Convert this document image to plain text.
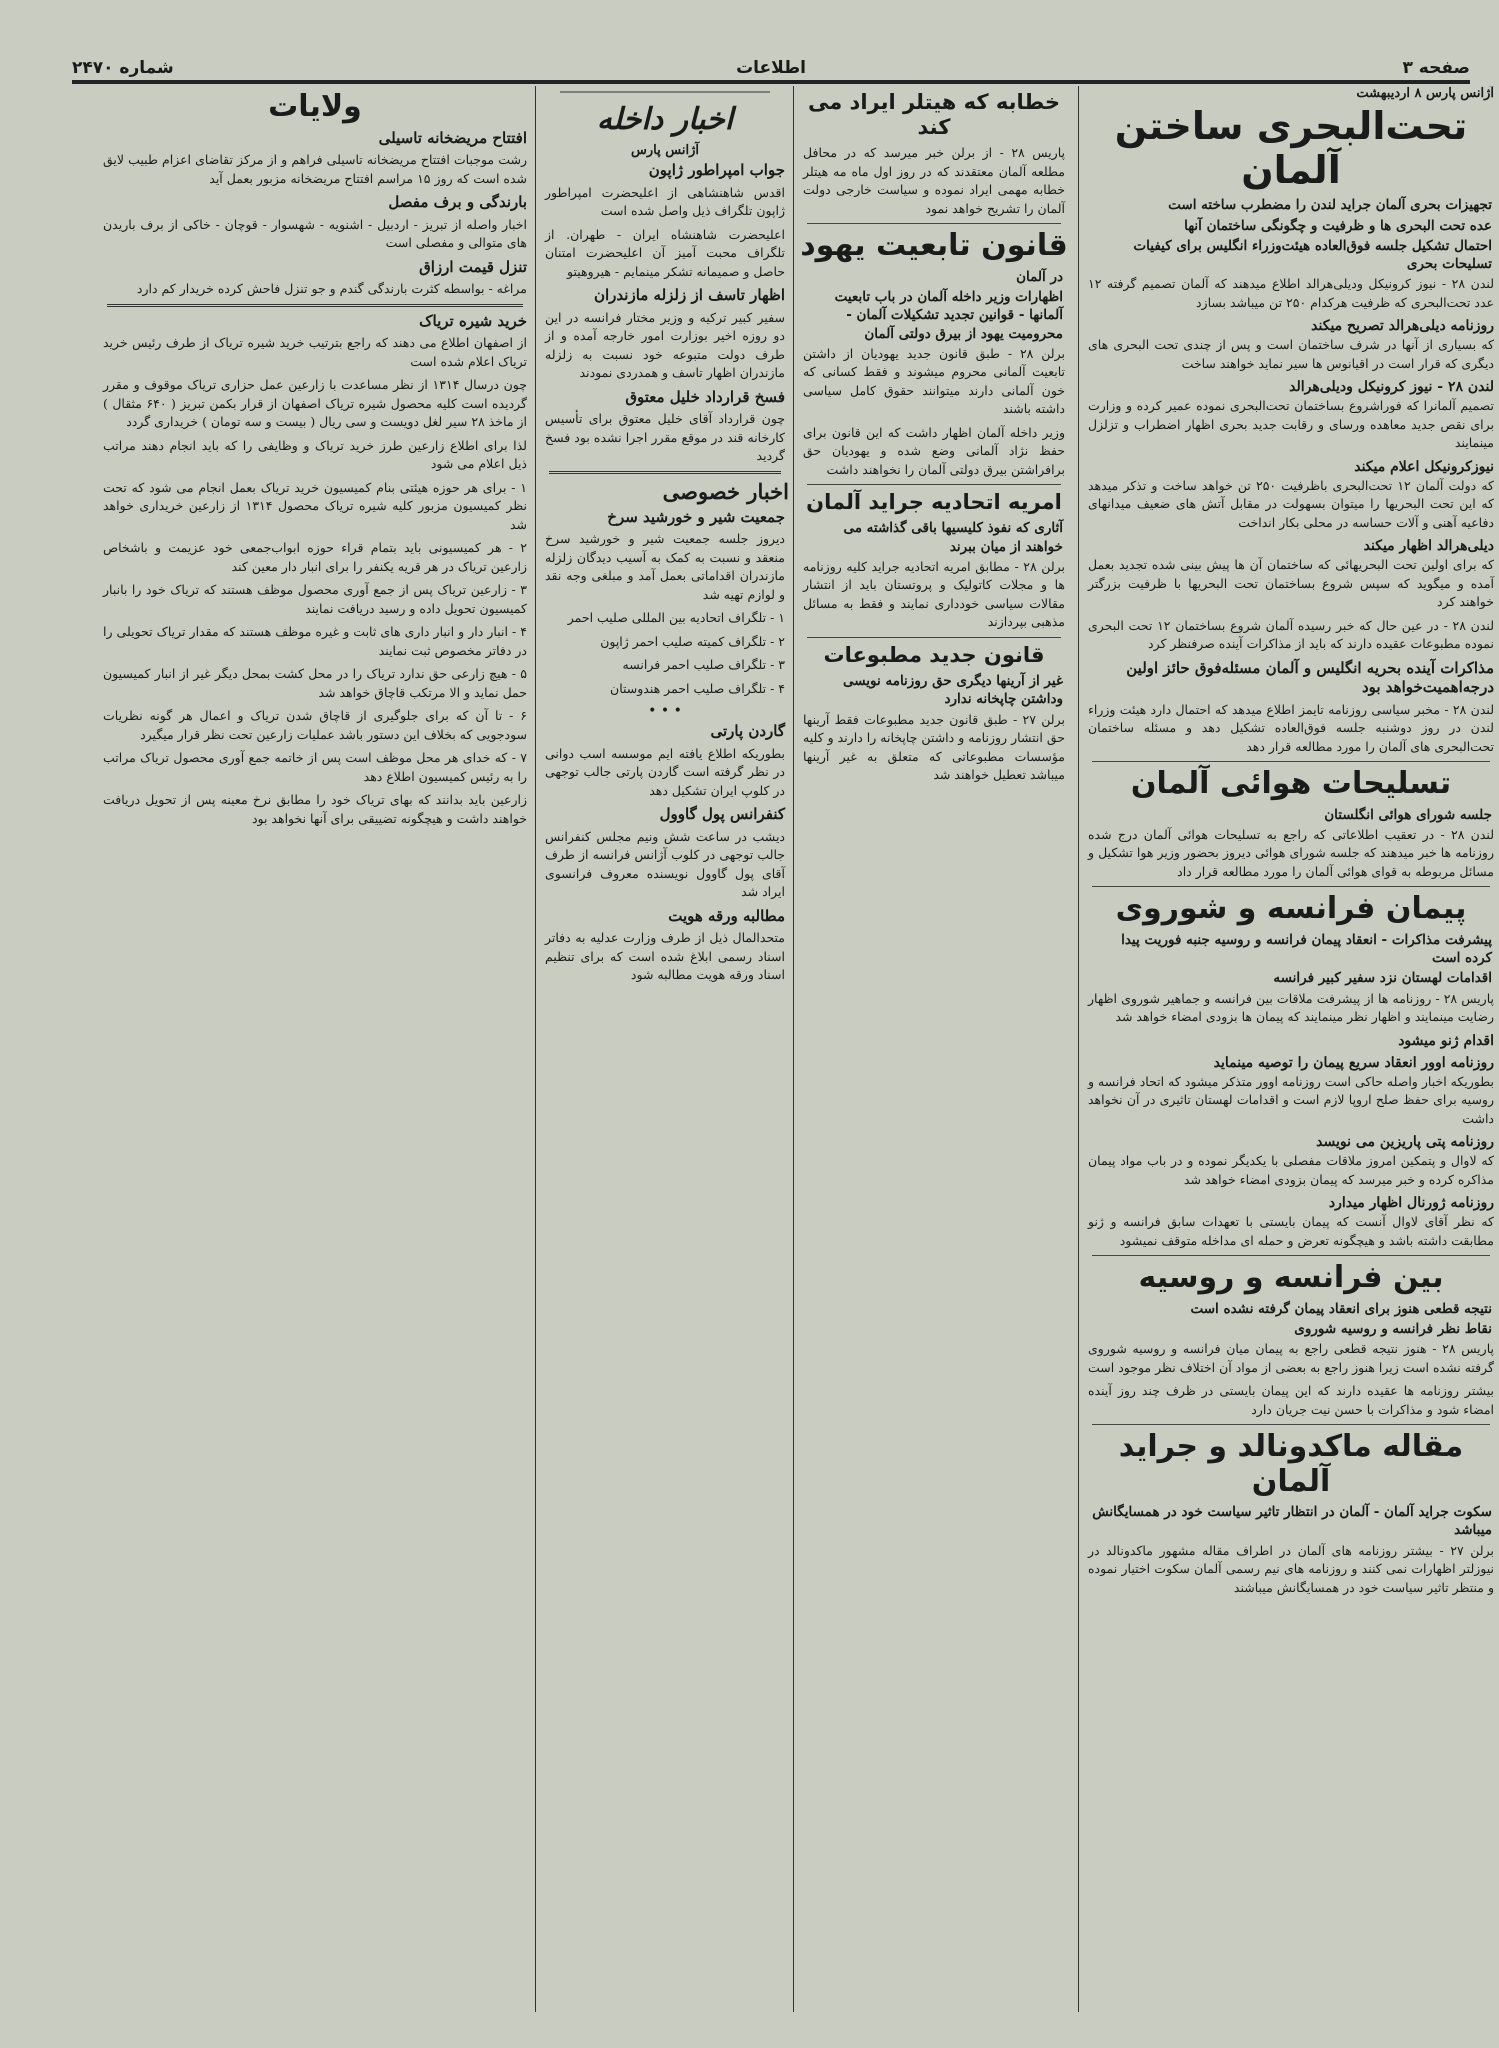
صفحه ۳
اطلاعات
شماره ۲۴۷۰
آژانس پارس ۸ اردیبهشت
تحت‌البحری ساختن آلمان
تجهیزات بحری آلمان جراید لندن را مضطرب ساخته است
عده تحت البحری ها و ظرفیت و چگونگی ساختمان آنها
احتمال تشکیل جلسه فوق‌العاده هیئت‌وزراء انگلیس برای کیفیات تسلیحات بحری

لندن ۲۸ - نیوز کرونیکل ودیلی‌هرالد اطلاع میدهند که آلمان تصمیم گرفته ۱۲ عدد تحت‌البحری که ظرفیت هرکدام ۲۵۰ تن میباشد بسازد

روزنامه دیلی‌هرالد تصریح میکند

که بسیاری از آنها در شرف ساختمان است و پس از چندی تحت البحری های دیگری که قرار است در اقیانوس ها سیر نماید خواهند ساخت

لندن ۲۸ - نیوز کرونیکل ودیلی‌هرالد

تصمیم آلمانرا که فوراشروع بساختمان تحت‌البحری نموده عمیر کرده و وزارت برای نقص جدید معاهده ورسای و رقابت جدید بحری اظهار اضطراب و تزلزل مینمایند

نیوزکرونیکل اعلام میکند

که دولت آلمان ۱۲ تحت‌البحری باظرفیت ۲۵۰ تن خواهد ساخت و تذکر میدهد که این تحت البحریها را میتوان بسهولت در مقابل آتش های ضعیف میدانهای دفاعیه آهنی و آلات حساسه در محلی بکار انداخت

دیلی‌هرالد اظهار میکند

که برای اولین تحت البحریهائی که ساختمان آن ها پیش بینی شده تجدید بعمل آمده و میگوید که سپس شروع بساختمان تحت البحریها با ظرفیت بزرگتر خواهند کرد

لندن ۲۸ - در عین حال که خبر رسیده آلمان شروع بساختمان ۱۲ تحت البحری نموده مطبوعات عقیده دارند که باید از مذاکرات آینده صرفنظر کرد

مذاکرات آینده بحریه انگلیس و آلمان مسئله‌فوق حائز اولین درجه‌اهمیت‌خواهد بود

لندن ۲۸ - مخبر سیاسی روزنامه‌ تایمز اطلاع میدهد که احتمال دارد هیئت وزراء لندن در روز دوشنبه جلسه فوق‌العاده تشکیل دهد و مسئله ساختمان تحت‌البحری های آلمان را مورد مطالعه قرار دهد

تسلیحات هوائی آلمان
جلسه شورای هوائی انگلستان

لندن ۲۸ - در تعقیب اطلاعاتی که راجع به تسلیحات هوائی آلمان درج شده روزنامه ها خبر میدهند که جلسه شورای هوائی دیروز بحضور وزیر هوا تشکیل و مسائل مربوطه به قوای هوائی آلمان را مورد مطالعه قرار داد

پیمان فرانسه و شوروی
پیشرفت مذاکرات - انعقاد پیمان فرانسه و روسیه جنبه فوریت پیدا کرده است
اقدامات لهستان نزد سفیر کبیر فرانسه

پاریس ۲۸ - روزنامه ها از پیشرفت ملاقات بین فرانسه و جماهیر شوروی اظهار رضایت مینمایند و اظهار نظر مینمایند که پیمان ها بزودی امضاء خواهد شد

اقدام ژنو میشود
روزنامه اوور انعقاد سریع پیمان را توصیه مینماید

بطوریکه اخبار واصله حاکی است روزنامه اوور متذکر میشود که اتحاد فرانسه و روسیه برای حفظ صلح اروپا لازم است و اقدامات لهستان تاثیری در آن نخواهد داشت

روزنامه پتی پاریزین می نویسد

که لاوال و پتمکین امروز ملاقات مفصلی با یکدیگر نموده و در باب مواد پیمان مذاکره کرده و خبر میرسد که پیمان بزودی امضاء خواهد شد

روزنامه ژورنال اظهار میدارد

که نظر آقای لاوال آنست که پیمان بایستی با تعهدات سابق فرانسه و ژنو مطابقت داشته باشد و هیچگونه تعرض و حمله ای مداخله متوقف نمیشود

بین فرانسه و روسیه
نتیجه قطعی هنوز برای انعقاد پیمان گرفته نشده است
نقاط نظر فرانسه و روسیه شوروی

پاریس ۲۸ - هنوز نتیجه قطعی راجع به پیمان میان فرانسه و روسیه شوروی گرفته نشده است زیرا هنوز راجع به بعضی از مواد آن اختلاف نظر موجود است

بیشتر روزنامه ها عقیده دارند که این پیمان بایستی در ظرف چند روز آینده امضاء شود و مذاکرات با حسن نیت جریان دارد

مقاله ماکدونالد و جراید آلمان
سکوت جراید آلمان - آلمان در انتظار تاثیر سیاست خود در همسایگانش میباشد

برلن ۲۷ - بیشتر روزنامه های آلمان در اطراف مقاله مشهور ماکدونالد در نیوزلتر اظهارات نمی کنند و روزنامه های نیم رسمی آلمان سکوت اختیار نموده و منتظر تاثیر سیاست خود در همسایگانش میباشند

خطابه که هیتلر ایراد می کند

پاریس ۲۸ - از برلن خبر میرسد که در محافل مطلعه آلمان معتقدند که در روز اول ماه مه هیتلر خطابه مهمی ایراد نموده و سیاست خارجی دولت آلمان را تشریح خواهد نمود

قانون تابعیت یهود
در آلمان
اظهارات وزیر داخله آلمان در باب تابعیت آلمانها - قوانین تجدید تشکیلات آلمان - محرومیت یهود از بیرق دولتی آلمان

برلن ۲۸ - طبق قانون جدید یهودیان از داشتن تابعیت آلمانی محروم میشوند و فقط کسانی که خون آلمانی دارند میتوانند حقوق کامل سیاسی داشته باشند

وزیر داخله آلمان اظهار داشت که این قانون برای حفظ نژاد آلمانی وضع شده و یهودیان حق برافراشتن بیرق دولتی آلمان را نخواهند داشت

امریه اتحادیه جراید آلمان
آثاری که نفوذ کلیسیها باقی گذاشته می خواهند از میان ببرند

برلن ۲۸ - مطابق امریه اتحادیه جراید کلیه روزنامه ها و مجلات کاتولیک و پروتستان باید از انتشار مقالات سیاسی خودداری نمایند و فقط به مسائل مذهبی بپردازند

قانون جدید مطبوعات
غیر از آرینها دیگری حق روزنامه نویسی وداشتن چاپخانه ندارد

برلن ۲۷ - طبق قانون جدید مطبوعات فقط آرینها حق انتشار روزنامه و داشتن چاپخانه را دارند و کلیه مؤسسات مطبوعاتی که متعلق به غیر آرینها میباشد تعطیل خواهند شد

اخبار داخله
آژانس پارس
جواب امپراطور ژاپون

اقدس شاهنشاهی از اعلیحضرت امپراطور ژاپون تلگراف ذیل واصل شده است

اعلیحضرت شاهنشاه ایران - طهران. از تلگراف محبت آمیز آن اعلیحضرت امتنان حاصل و صمیمانه تشکر مینمایم - هیروهیتو

اظهار تاسف از زلزله مازندران

سفیر کبیر ترکیه و وزیر مختار فرانسه در این دو روزه اخیر بوزارت امور خارجه آمده و از طرف دولت متبوعه خود نسبت به زلزله مازندران اظهار تاسف و همدردی نمودند

فسخ قرارداد خلیل معتوق

چون قرارداد آقای خلیل معتوق برای تأسیس کارخانه قند در موقع مقرر اجرا نشده بود فسخ گردید

اخبار خصوصی
جمعیت شیر و خورشید سرخ

دیروز جلسه جمعیت شیر و خورشید سرخ منعقد و نسبت به کمک به آسیب دیدگان زلزله مازندران اقداماتی بعمل آمد و مبلغی وجه نقد و لوازم تهیه شد

۱ - تلگراف اتحادیه بین المللی صلیب احمر

۲ - تلگراف کمیته صلیب احمر ژاپون

۳ - تلگراف صلیب احمر فرانسه

۴ - تلگراف صلیب احمر هندوستان

• • •
گاردن پارتی

بطوریکه اطلاع یافته ایم موسسه اسب دوانی در نظر گرفته است گاردن پارتی جالب توجهی در کلوپ ایران تشکیل دهد

کنفرانس پول گاوول

دیشب در ساعت شش ونیم مجلس کنفرانس جالب توجهی در کلوب آژانس فرانسه از طرف آقای پول گاوول نویسنده معروف فرانسوی ایراد شد

مطالبه ورقه هویت

متحدالمال ذیل از طرف وزارت عدلیه به دفاتر اسناد رسمی ابلاغ شده است که برای تنظیم اسناد ورقه هویت مطالبه شود

ولایات
افتتاح مریضخانه تاسیلی

رشت موجبات افتتاح مریضخانه تاسیلی فراهم و از مرکز تقاضای اعزام طبیب لایق شده است که روز ۱۵ مراسم افتتاح مریضخانه مزبور بعمل آید

بارندگی و برف مفصل

اخبار واصله از تبریز - اردبیل - اشنویه - شهسوار - قوچان - خاکی از برف باریدن های متوالی و مفصلی است

تنزل قیمت ارزاق

مراغه - بواسطه کثرت بارندگی گندم و جو تنزل فاحش کرده خریدار کم دارد

خرید شیره تریاک

از اصفهان اطلاع می دهند که راجع بترتیب خرید شیره تریاک از طرف رئیس خرید تریاک اعلام شده است

چون درسال ۱۳۱۴ از نظر مساعدت با زارعین عمل حزاری تریاک موقوف و مقرر گردیده است کلیه محصول شیره تریاک اصفهان از قرار بکمن تبریز ( ۶۴۰ مثقال ) از ماخذ ۲۸ سیر لغل دویست و سی ریال ( بیست و سه تومان ) خریداری گردد

لذا برای اطلاع زارعین طرز خرید تریاک و وظایفی را که باید انجام دهند مراتب ذیل اعلام می شود

۱ - برای هر حوزه هیئتی بنام کمیسیون خرید تریاک بعمل انجام می شود که تحت نظر کمیسیون مزبور کلیه شیره تریاک محصول ۱۳۱۴ از زارعین خریداری خواهد شد

۲ - هر کمیسیونی باید بتمام قراء حوزه ابواب‌جمعی خود عزیمت و باشخاص زارعین تریاک در هر قریه یکنفر را برای انبار دار معین کند

۳ - زارعین تریاک پس از جمع آوری محصول موظف هستند که تریاک خود را بانبار کمیسیون تحویل داده و رسید دریافت نمایند

۴ - انبار دار و انبار داری های ثابت و غیره موظف هستند که مقدار تریاک تحویلی را در دفاتر مخصوص ثبت نمایند

۵ - هیچ زارعی حق ندارد تریاک را در محل کشت بمحل دیگر غیر از انبار کمیسیون حمل نماید و الا مرتکب قاچاق خواهد شد

۶ - تا آن که برای جلوگیری از قاچاق شدن تریاک و اعمال هر گونه نظریات سودجویی که بخلاف این دستور باشد عملیات زارعین تحت نظر قرار میگیرد

۷ - که خدای هر محل موظف است پس از خاتمه جمع آوری محصول تریاک مراتب را به رئیس کمیسیون اطلاع دهد

زارعین باید بدانند که بهای تریاک خود را مطابق نرخ معینه پس از تحویل دریافت خواهند داشت و هیچگونه تضییقی برای آنها نخواهد بود
